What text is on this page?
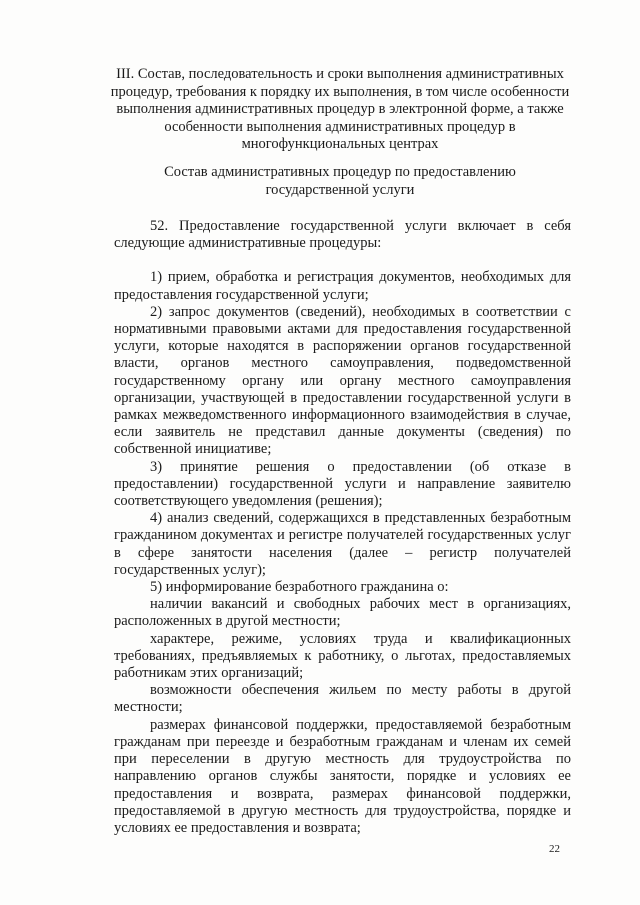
III. Состав, последовательность и сроки выполнения административных
процедур, требования к порядку их выполнения, в том числе особенности
выполнения административных процедур в электронной форме, а также
особенности выполнения административных процедур в
многофункциональных центрах
Состав административных процедур по предоставлению
государственной услуги

52. Предоставление государственной услуги включает в себя следующие административные процедуры:

1) прием, обработка и регистрация документов, необходимых для предоставления государственной услуги;

2) запрос документов (сведений), необходимых в соответствии с нормативными правовыми актами для предоставления государственной услуги, которые находятся в распоряжении органов государственной власти, органов местного самоуправления, подведомственной государственному органу или органу местного самоуправления организации, участвующей в предоставлении государственной услуги в рамках межведомственного информационного взаимодействия в случае, если заявитель не представил данные документы (сведения) по собственной инициативе;

3) принятие решения о предоставлении (об отказе в предоставлении) государственной услуги и направление заявителю соответствующего уведомления (решения);

4) анализ сведений, содержащихся в представленных безработным гражданином документах и регистре получателей государственных услуг в сфере занятости населения (далее – регистр получателей государственных услуг);

5) информирование безработного гражданина о:

наличии вакансий и свободных рабочих мест в организациях, расположенных в другой местности;

характере, режиме, условиях труда и квалификационных требованиях, предъявляемых к работнику, о льготах, предоставляемых работникам этих организаций;

возможности обеспечения жильем по месту работы в другой местности;

размерах финансовой поддержки, предоставляемой безработным гражданам при переезде и безработным гражданам и членам их семей при переселении в другую местность для трудоустройства по направлению органов службы занятости, порядке и условиях ее предоставления и возврата, размерах финансовой поддержки, предоставляемой в другую местность для трудоустройства, порядке и условиях ее предоставления и возврата;

22
